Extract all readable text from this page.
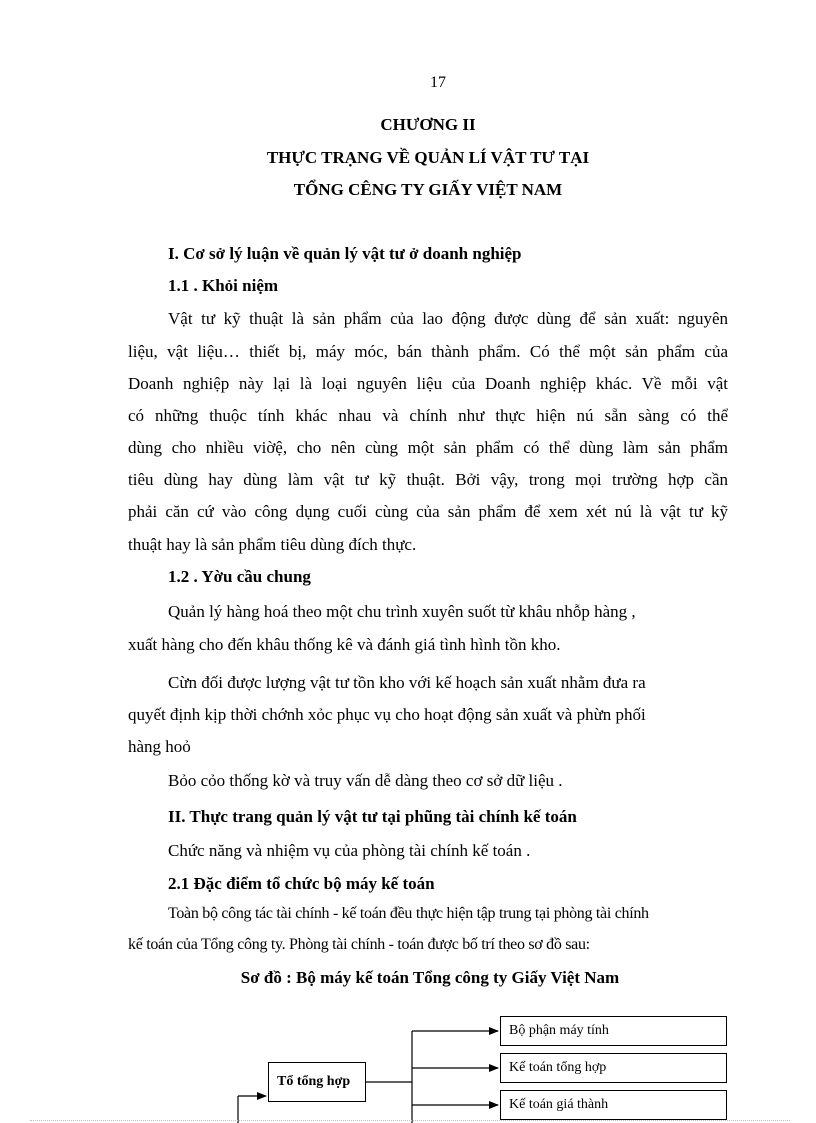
17
CHƯƠNG II
THỰC TRẠNG VỀ QUẢN LÍ VẬT TƯ TẠI
TỔNG CÊNG TY GIẤY VIỆT NAM
I. Cơ sở lý luận về quản lý vật tư ở doanh nghiệp
1.1 . Khỏi niệm
Vật tư kỹ thuật là sản phẩm của lao động được dùng để sản xuất: nguyên
liệu, vật liệu… thiết bị, máy móc, bán thành phẩm. Có thể một sản phẩm của
Doanh nghiệp này lại là loại nguyên liệu của Doanh nghiệp khác. Về mỗi vật
có những thuộc tính khác nhau và chính như thực hiện nú sẵn sàng có thể
dùng cho nhiều viờệ, cho nên cùng một sản phẩm có thể dùng làm sản phẩm
tiêu dùng hay dùng làm vật tư kỹ thuật. Bởi vậy, trong mọi trường hợp cần
phải căn cứ vào công dụng cuối cùng của sản phẩm để xem xét nú là vật tư kỹ
thuật hay là sản phẩm tiêu dùng đích thực.
1.2 . Yờu cầu chung
Quản lý hàng hoá theo một chu trình xuyên suốt từ khâu nhỗp hàng ,
xuất hàng cho đến khâu thống kê và đánh giá tình hình tồn kho.
Cừn đối được lượng vật tư tồn kho với kế hoạch sản xuất nhằm đưa ra
quyết định kịp thời chớnh xỏc phục vụ cho hoạt động sản xuất và phừn phối
hàng hoỏ
Bỏo cỏo thống kờ và truy vấn dễ dàng theo cơ sở dữ liệu .
II. Thực trang quản lý vật tư tại phũng tài chính kế toán
Chức năng và nhiệm vụ của phòng tài chính kế toán .
2.1 Đặc điểm tổ chức bộ máy kế toán
Toàn bộ công tác tài chính - kế toán đều thực hiện tập trung tại phòng tài chính
kế toán của Tổng công ty. Phòng tài chính - toán được bố trí theo sơ đồ sau:
Sơ đồ : Bộ máy kế toán Tổng công ty Giấy Việt Nam
Tổ tổng hợp
Bộ phận máy tính
Kế toán tổng hợp
Kế toán giá thành
